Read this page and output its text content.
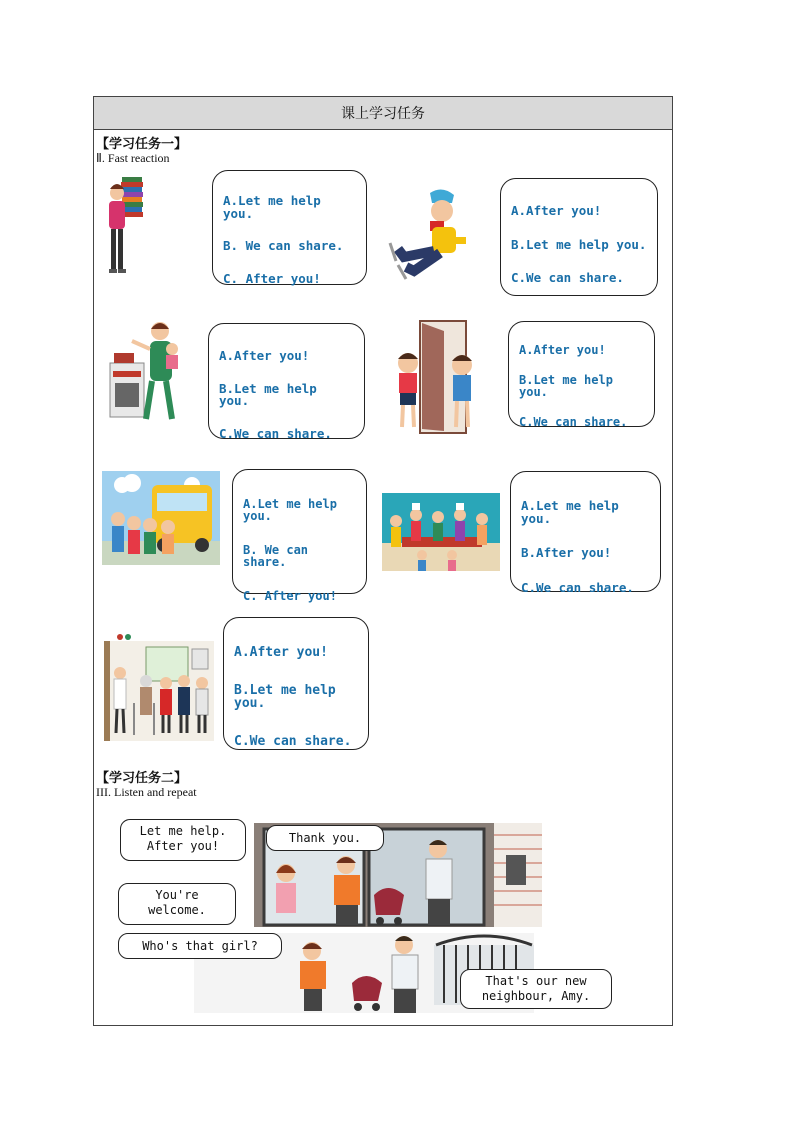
课上学习任务
【学习任务一】
Ⅱ. Fast reaction
A.Let me help you.
B. We can share.
C. After you!
A.After you!
B.Let me help you.
C.We can share.
A.After you!
B.Let me help you.
C.We can share.
A.After you!
B.Let me help you.
C.We can share.
A.Let me help you.
B. We can share.
C. After you!
A.Let me help you.
B.After you!
C.We can share.
A.After you!
B.Let me help you.
C.We can share.
【学习任务二】
III. Listen and repeat
Let me help.
After you!
Thank you.
You're
welcome.
Who's that girl?
That's our new
neighbour, Amy.
